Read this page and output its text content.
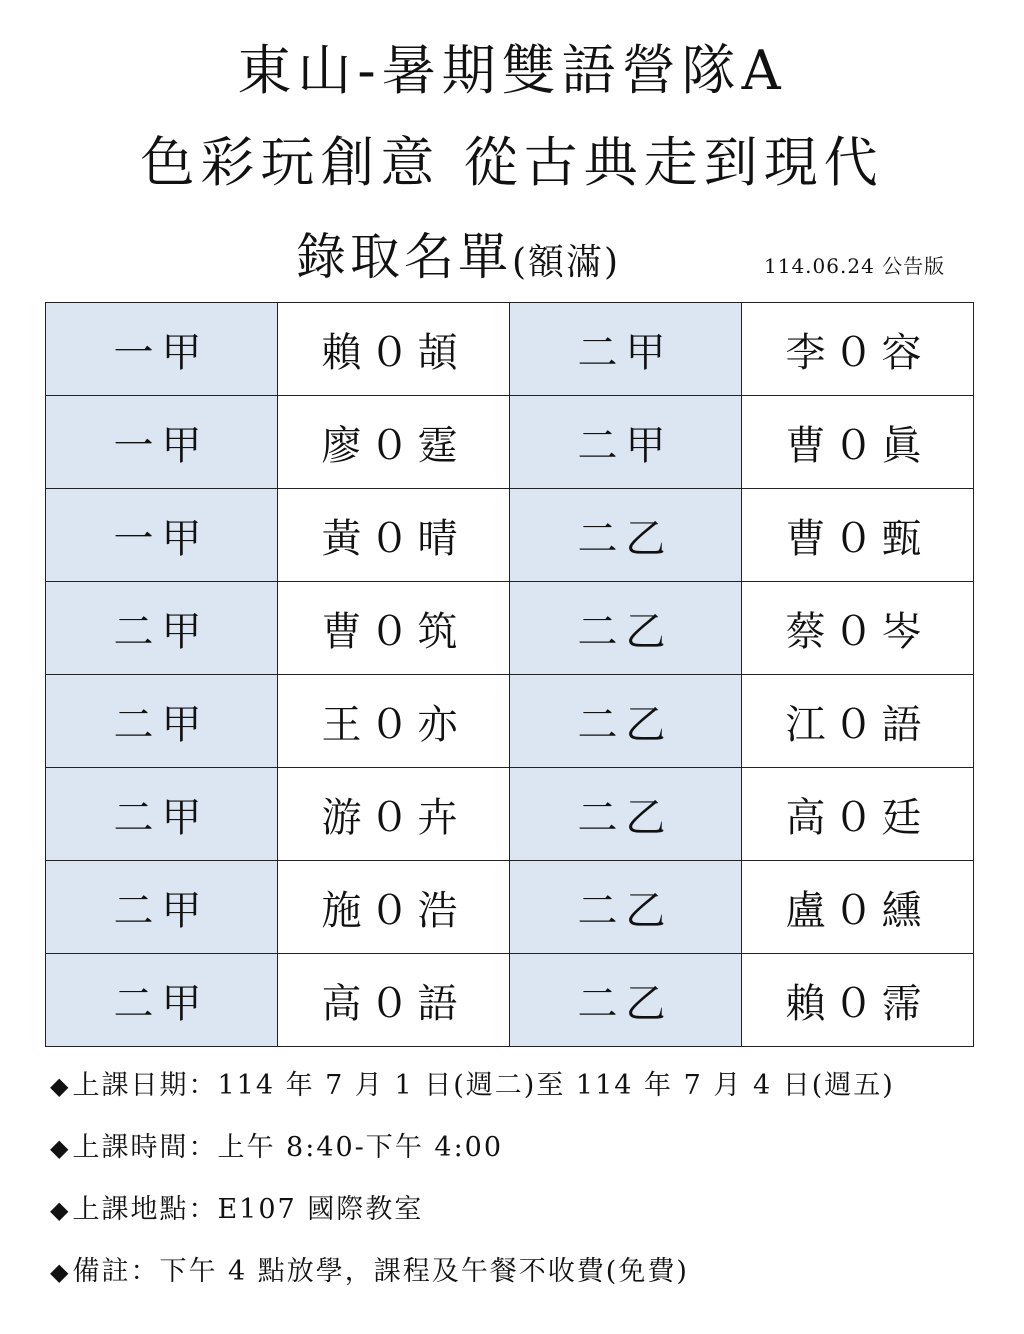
東山-暑期雙語營隊A
色彩玩創意 從古典走到現代
錄取名單(額滿)	114.06.24 公告版
一甲	賴０頡	二甲	李０容
一甲	廖０霆	二甲	曹０眞
一甲	黃０晴	二乙	曹０甄
二甲	曹０筑	二乙	蔡０岑
二甲	王０亦	二乙	江０語
二甲	游０卉	二乙	高０廷
二甲	施０浩	二乙	盧０纁
二甲	高０語	二乙	賴０霈
◆上課日期：114 年 7 月 1 日(週二)至 114 年 7 月 4 日(週五)
◆上課時間：上午 8:40-下午 4:00
◆上課地點：E107 國際教室
◆備註：下午 4 點放學，課程及午餐不收費(免費)
